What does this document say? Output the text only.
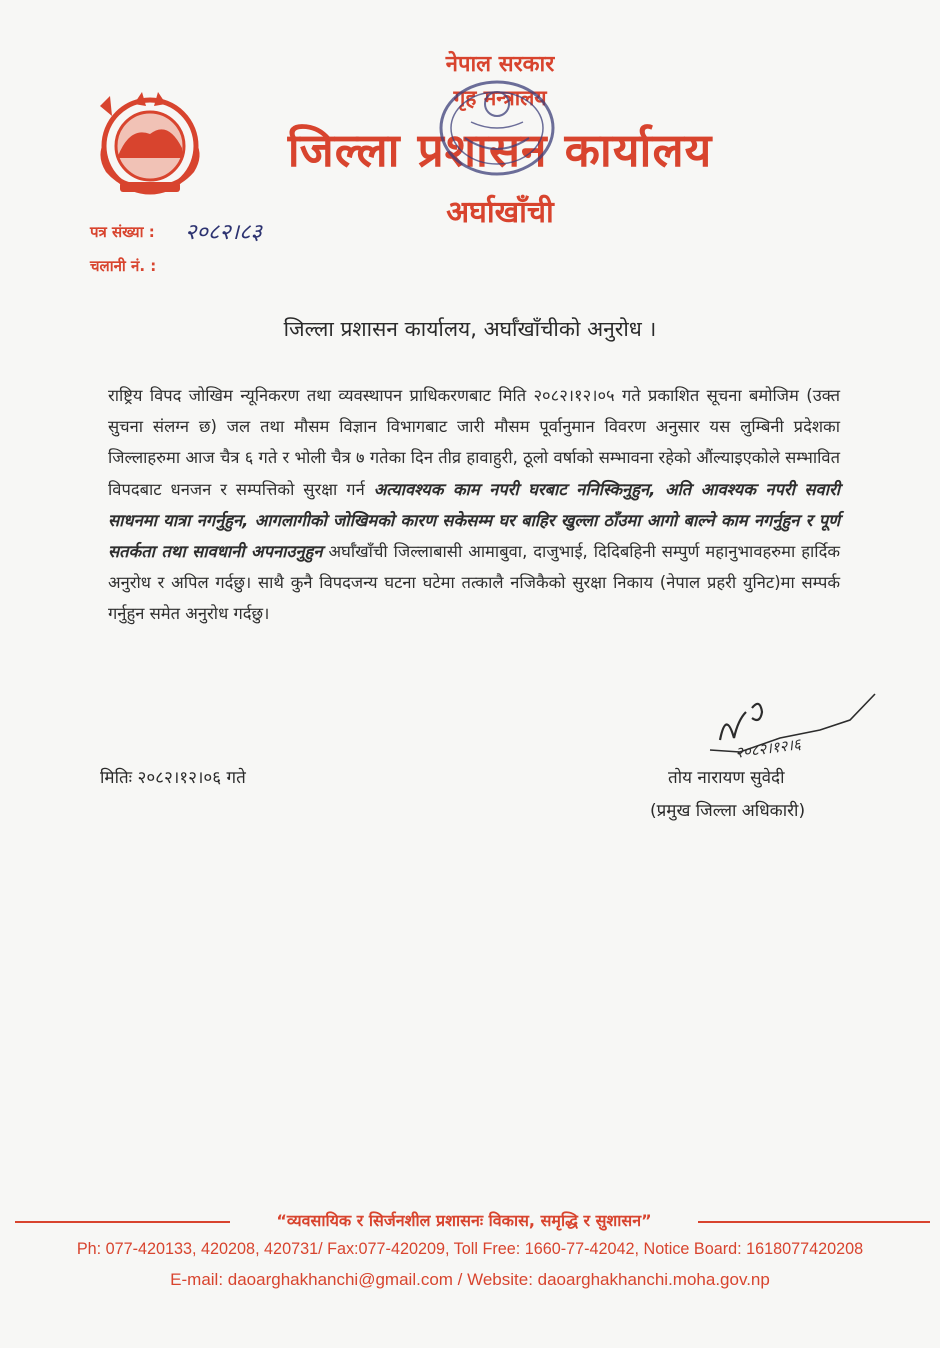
नेपाल सरकार
गृह मन्त्रालय
जिल्ला प्रशासन कार्यालय
अर्घाखाँची
पत्र संख्या : २०८२।८३
चलानी नं. :
जिल्ला प्रशासन कार्यालय, अर्घाँखाँचीको अनुरोध ।
राष्ट्रिय विपद जोखिम न्यूनिकरण तथा व्यवस्थापन प्राधिकरणबाट मिति २०८२।१२।०५ गते प्रकाशित सूचना बमोजिम (उक्त सुचना संलग्न छ) जल तथा मौसम विज्ञान विभागबाट जारी मौसम पूर्वानुमान विवरण अनुसार यस लुम्बिनी प्रदेशका जिल्लाहरुमा आज चैत्र ६ गते र भोली चैत्र ७ गतेका दिन तीव्र हावाहुरी, ठूलो वर्षाको सम्भावना रहेको औंल्याइएकोले सम्भावित विपदबाट धनजन र सम्पत्तिको सुरक्षा गर्न अत्यावश्यक काम नपरी घरबाट ननिस्किनुहुन, अति आवश्यक नपरी सवारी साधनमा यात्रा नगर्नुहुन, आगलागीको जोखिमको कारण सकेसम्म घर बाहिर खुल्ला ठाँउमा आगो बाल्ने काम नगर्नुहुन र पूर्ण सतर्कता तथा सावधानी अपनाउनुहुन अर्घाँखाँची जिल्लाबासी आमाबुवा, दाजुभाई, दिदिबहिनी सम्पुर्ण महानुभावहरुमा हार्दिक अनुरोध र अपिल गर्दछु। साथै कुनै विपदजन्य घटना घटेमा तत्कालै नजिकैको सुरक्षा निकाय (नेपाल प्रहरी युनिट)मा सम्पर्क गर्नुहुन समेत अनुरोध गर्दछु।
मितिः २०८२।१२।०६ गते
२०८२।१२।६
तोय नारायण सुवेदी
(प्रमुख जिल्ला अधिकारी)
“व्यवसायिक र सिर्जनशील प्रशासनः विकास, समृद्धि र सुशासन”
Ph: 077-420133, 420208, 420731/ Fax:077-420209, Toll Free: 1660-77-42042, Notice Board: 1618077420208
E-mail: daoarghakhanchi@gmail.com / Website: daoarghakhanchi.moha.gov.np
